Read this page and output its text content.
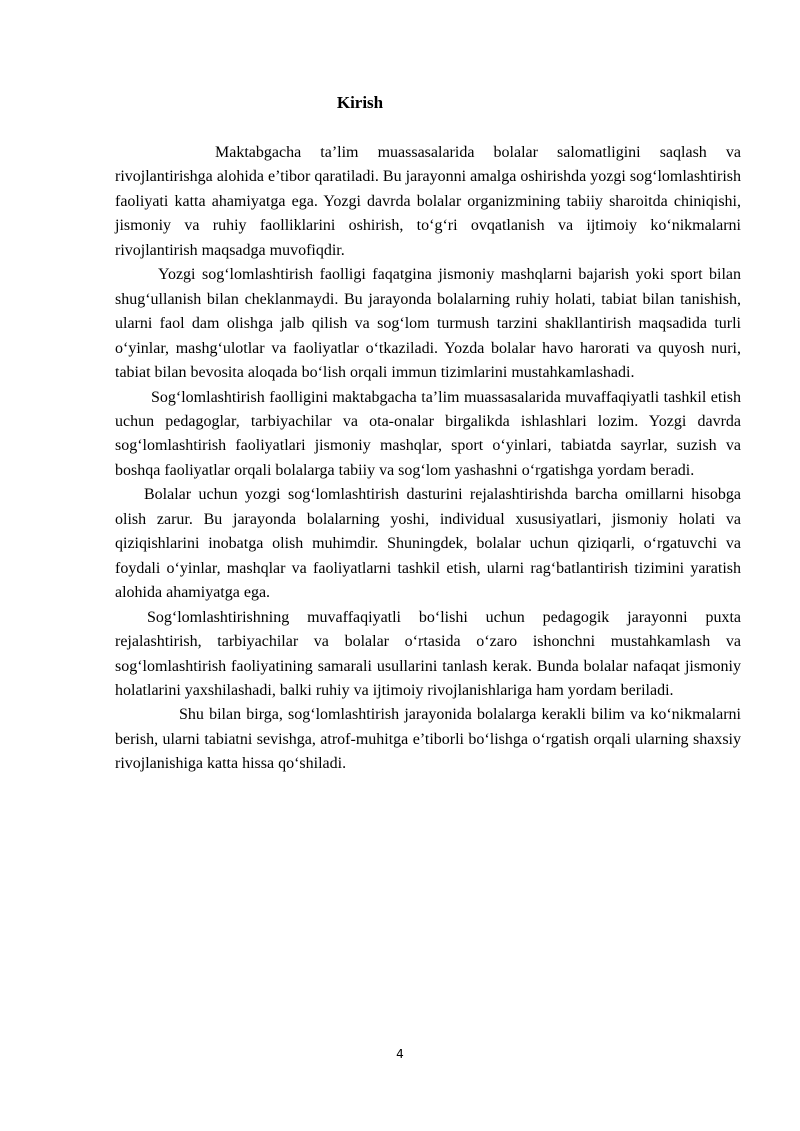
Kirish

Maktabgacha ta’lim muassasalarida bolalar salomatligini saqlash va rivojlantirishga alohida e’tibor qaratiladi. Bu jarayonni amalga oshirishda yozgi sog‘lomlashtirish faoliyati katta ahamiyatga ega. Yozgi davrda bolalar organizmining tabiiy sharoitda chiniqishi, jismoniy va ruhiy faolliklarini oshirish, to‘g‘ri ovqatlanish va ijtimoiy ko‘nikmalarni rivojlantirish maqsadga muvofiqdir.

Yozgi sog‘lomlashtirish faolligi faqatgina jismoniy mashqlarni bajarish yoki sport bilan shug‘ullanish bilan cheklanmaydi. Bu jarayonda bolalarning ruhiy holati, tabiat bilan tanishish, ularni faol dam olishga jalb qilish va sog‘lom turmush tarzini shakllantirish maqsadida turli o‘yinlar, mashg‘ulotlar va faoliyatlar o‘tkaziladi. Yozda bolalar havo harorati va quyosh nuri, tabiat bilan bevosita aloqada bo‘lish orqali immun tizimlarini mustahkamlashadi.

Sog‘lomlashtirish faolligini maktabgacha ta’lim muassasalarida muvaffaqiyatli tashkil etish uchun pedagoglar, tarbiyachilar va ota-onalar birgalikda ishlashlari lozim. Yozgi davrda sog‘lomlashtirish faoliyatlari jismoniy mashqlar, sport o‘yinlari, tabiatda sayrlar, suzish va boshqa faoliyatlar orqali bolalarga tabiiy va sog‘lom yashashni o‘rgatishga yordam beradi.

Bolalar uchun yozgi sog‘lomlashtirish dasturini rejalashtirishda barcha omillarni hisobga olish zarur. Bu jarayonda bolalarning yoshi, individual xususiyatlari, jismoniy holati va qiziqishlarini inobatga olish muhimdir. Shuningdek, bolalar uchun qiziqarli, o‘rgatuvchi va foydali o‘yinlar, mashqlar va faoliyatlarni tashkil etish, ularni rag‘batlantirish tizimini yaratish alohida ahamiyatga ega.

Sog‘lomlashtirishning muvaffaqiyatli bo‘lishi uchun pedagogik jarayonni puxta rejalashtirish, tarbiyachilar va bolalar o‘rtasida o‘zaro ishonchni mustahkamlash va sog‘lomlashtirish faoliyatining samarali usullarini tanlash kerak. Bunda bolalar nafaqat jismoniy holatlarini yaxshilashadi, balki ruhiy va ijtimoiy rivojlanishlariga ham yordam beriladi.

Shu bilan birga, sog‘lomlashtirish jarayonida bolalarga kerakli bilim va ko‘nikmalarni berish, ularni tabiatni sevishga, atrof-muhitga e’tiborli bo‘lishga o‘rgatish orqali ularning shaxsiy rivojlanishiga katta hissa qo‘shiladi.

4
